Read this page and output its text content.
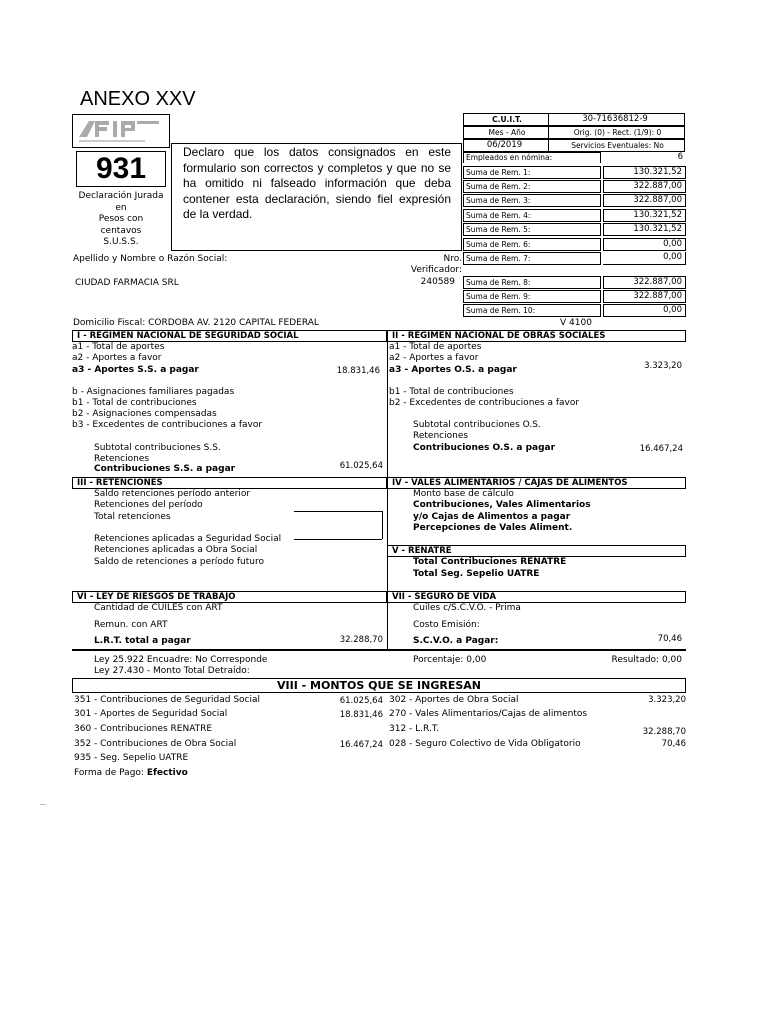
ANEXO XXV
931
Declaración Jurada
en
Pesos con
centavos
S.U.S.S.
Declaro que los datos consignados en este formulario son correctos y completos y que no se ha omitido ni falseado información que deba contener esta declaración, siendo fiel expresión de la verdad.
C.U.I.T.	30-71636812-9
Mes - Año	Orig. (0) - Rect. (1/9): 0
06/2019	Servicios Eventuales: No
Empleados en nómina:	6
Suma de Rem. 1:	130.321,52
Suma de Rem. 2:	322.887,00
Suma de Rem. 3:	322.887,00
Suma de Rem. 4:	130.321,52
Suma de Rem. 5:	130.321,52
Suma de Rem. 6:	0,00
Suma de Rem. 7:	0,00
Suma de Rem. 8:	322.887,00
Suma de Rem. 9:	322.887,00
Suma de Rem. 10:	0,00
Apellido y Nombre o Razón Social:
CIUDAD FARMACIA SRL
Nro.
Verificador:
240589
Domicilio Fiscal: CORDOBA AV. 2120 CAPITAL FEDERAL	V 4100
I - REGIMEN NACIONAL DE SEGURIDAD SOCIAL	II - REGIMEN NACIONAL DE OBRAS SOCIALES
a1 - Total de aportes
a2 - Aportes a favor
a3 - Aportes S.S. a pagar	18.831,46
b - Asignaciones familiares pagadas
b1 - Total de contribuciones
b2 - Asignaciones compensadas
b3 - Excedentes de contribuciones a favor
Subtotal contribuciones S.S.
Retenciones
Contribuciones S.S. a pagar	61.025,64
a1 - Total de aportes
a2 - Aportes a favor
a3 - Aportes O.S. a pagar	3.323,20
b1 - Total de contribuciones
b2 - Excedentes de contribuciones a favor
Subtotal contribuciones O.S.
Retenciones
Contribuciones O.S. a pagar	16.467,24
III - RETENCIONES	IV - VALES ALIMENTARIOS / CAJAS DE ALIMENTOS
Saldo retenciones período anterior
Retenciones del período
Total retenciones
Retenciones aplicadas a Seguridad Social
Retenciones aplicadas a Obra Social
Saldo de retenciones a período futuro
Monto base de cálculo
Contribuciones, Vales Alimentarios
y/o Cajas de Alimentos a pagar
Percepciones de Vales Aliment.
V - RENATRE
Total Contribuciones RENATRE
Total Seg. Sepelio UATRE
VI - LEY DE RIESGOS DE TRABAJO	VII - SEGURO DE VIDA
Cantidad de CUILES con ART
Remun. con ART
L.R.T. total a pagar	32.288,70
Cuiles c/S.C.V.O. - Prima
Costo Emisión:
S.C.V.O. a Pagar:	70,46
Ley 25.922 Encuadre: No Corresponde
Ley 27.430 - Monto Total Detraído:
Porcentaje: 0,00	Resultado: 0,00
VIII - MONTOS QUE SE INGRESAN
351 - Contribuciones de Seguridad Social	61.025,64
301 - Aportes de Seguridad Social	18.831,46
360 - Contribuciones RENATRE
352 - Contribuciones de Obra Social	16.467,24
935 - Seg. Sepelio UATRE
302 - Aportes de Obra Social	3.323,20
270 - Vales Alimentarios/Cajas de alimentos
312 - L.R.T.	32.288,70
028 - Seguro Colectivo de Vida Obligatorio	70,46
Forma de Pago: Efectivo
